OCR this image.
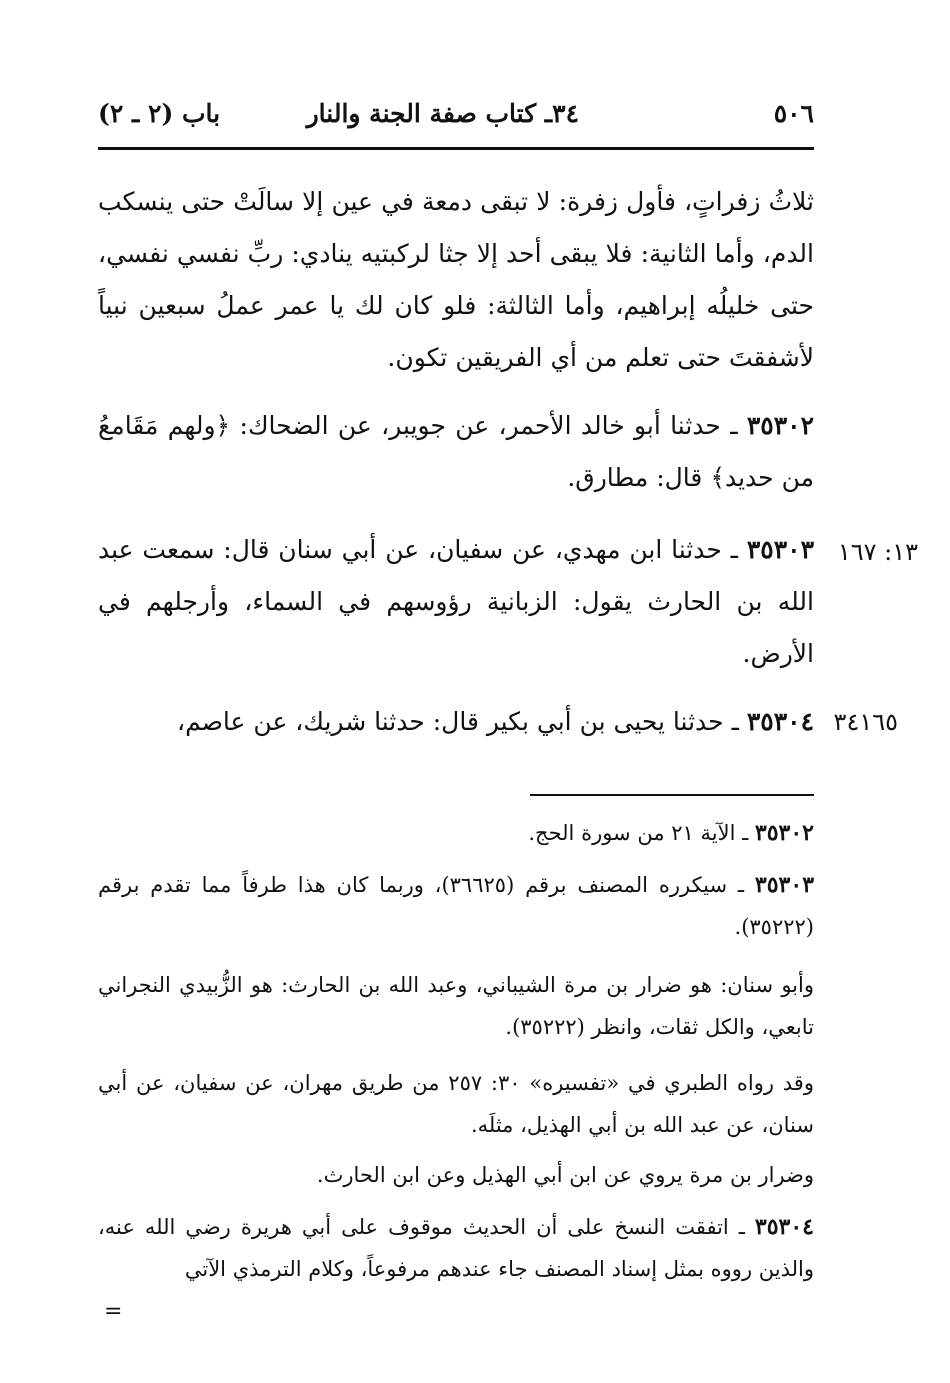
٥٠٦
٣٤ـ كتاب صفة الجنة والنار
باب (٢ ـ ٢)

ثلاثُ زفراتٍ، فأول زفرة: لا تبقى دمعة في عين إلا سالَتْ حتى ينسكب الدم، وأما الثانية: فلا يبقى أحد إلا جثا لركبتيه ينادي: ربِّ نفسي نفسي، حتى خليلُه إبراهيم، وأما الثالثة: فلو كان لك يا عمر عملُ سبعين نبياً لأشفقتَ حتى تعلم من أي الفريقين تكون.

٣٥٣٠٢ ـ حدثنا أبو خالد الأحمر، عن جويبر، عن الضحاك: ﴿ولهم مَقَامعُ من حديد﴾ قال: مطارق.

١٣: ١٦٧

٣٥٣٠٣ ـ حدثنا ابن مهدي، عن سفيان، عن أبي سنان قال: سمعت عبد الله بن الحارث يقول: الزبانية رؤوسهم في السماء، وأرجلهم في الأرض.

٣٤١٦٥

٣٥٣٠٤ ـ حدثنا يحيى بن أبي بكير قال: حدثنا شريك، عن عاصم،

٣٥٣٠٢ ـ الآية ٢١ من سورة الحج.

٣٥٣٠٣ ـ سيكرره المصنف برقم (٣٦٦٢٥)، وربما كان هذا طرفاً مما تقدم برقم (٣٥٢٢٢).

وأبو سنان: هو ضرار بن مرة الشيباني، وعبد الله بن الحارث: هو الزُّبيدي النجراني تابعي، والكل ثقات، وانظر (٣٥٢٢٢).

وقد رواه الطبري في «تفسيره» ٣٠: ٢٥٧ من طريق مهران، عن سفيان، عن أبي سنان، عن عبد الله بن أبي الهذيل، مثلَه.

وضرار بن مرة يروي عن ابن أبي الهذيل وعن ابن الحارث.

٣٥٣٠٤ ـ اتفقت النسخ على أن الحديث موقوف على أبي هريرة رضي الله عنه، والذين رووه بمثل إسناد المصنف جاء عندهم مرفوعاً، وكلام الترمذي الآتي

=
